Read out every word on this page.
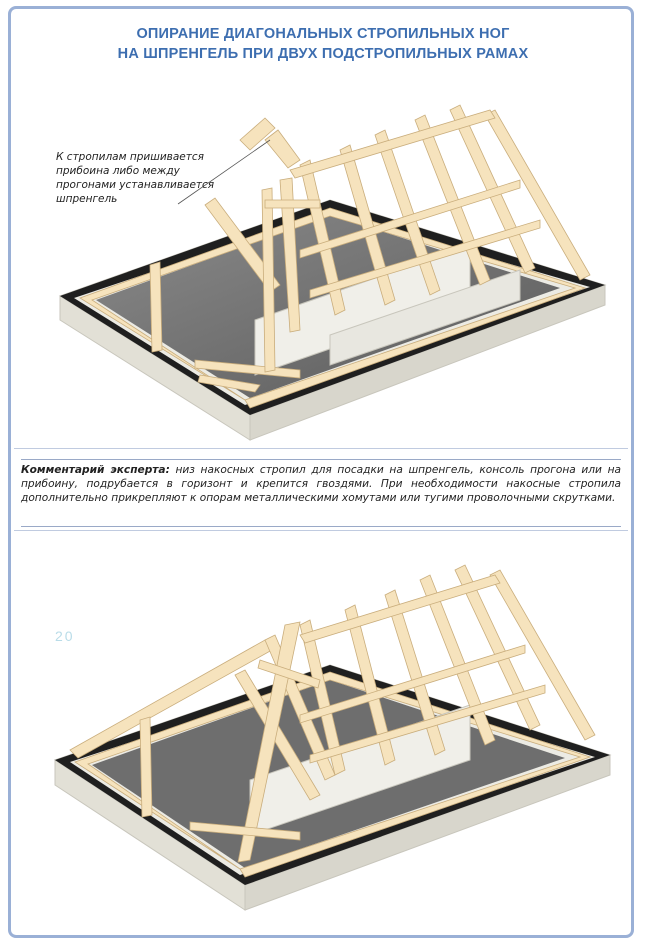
ОПИРАНИЕ ДИАГОНАЛЬНЫХ СТРОПИЛЬНЫХ НОГ
НА ШПРЕНГЕЛЬ ПРИ ДВУХ ПОДСТРОПИЛЬНЫХ РАМАХ
К стропилам пришивается
прибоина либо между
прогонами устанавливается
шпренгель
Комментарий эксперта: низ накосных стропил для посадки на шпренгель, консоль прогона или на прибоину, подрубается в горизонт и крепится гвоздями. При необходимости накосные стропила дополнительно прикрепляют к опорам металлическими хомутами или тугими проволочными скрутками.
20
